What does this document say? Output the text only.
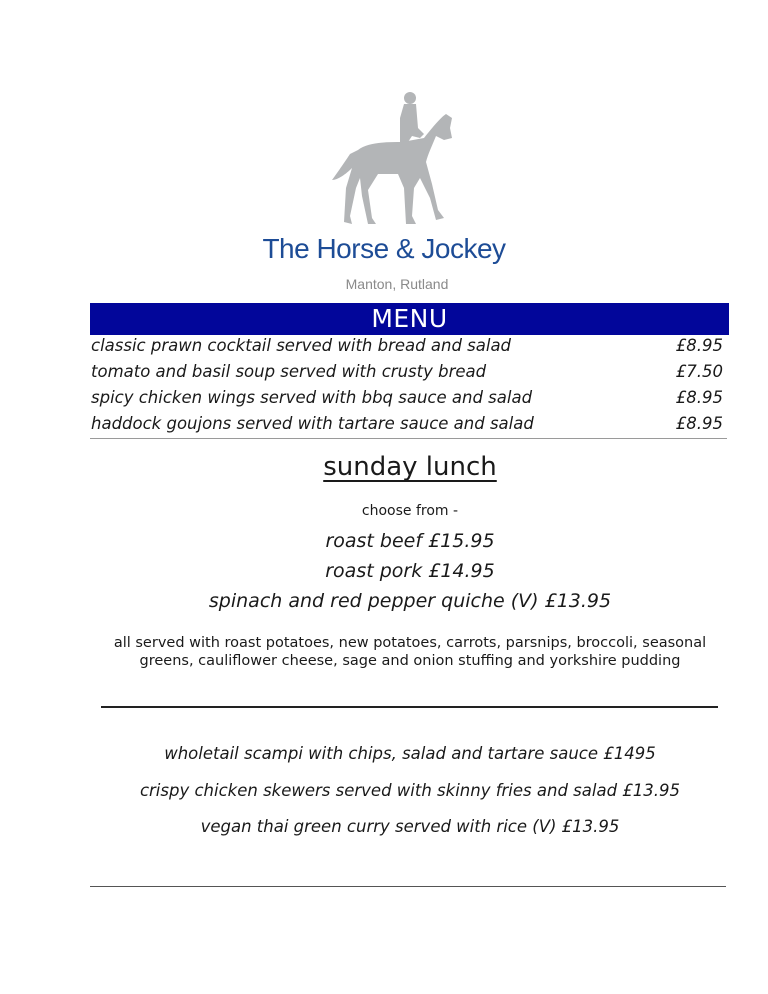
The Horse & Jockey
Manton, Rutland
MENU
classic prawn cocktail served with bread and salad	£8.95
tomato and basil soup served with crusty bread	£7.50
spicy chicken wings served with bbq sauce and salad	£8.95
haddock goujons served with tartare sauce and salad	£8.95
sunday lunch
choose from -
roast beef £15.95
roast pork £14.95
spinach and red pepper quiche (V) £13.95
all served with roast potatoes, new potatoes, carrots, parsnips, broccoli, seasonal greens, cauliflower cheese, sage and onion stuffing and yorkshire pudding
wholetail scampi with chips, salad and tartare sauce £1495
crispy chicken skewers served with skinny fries and salad £13.95
vegan thai green curry served with rice (V) £13.95
